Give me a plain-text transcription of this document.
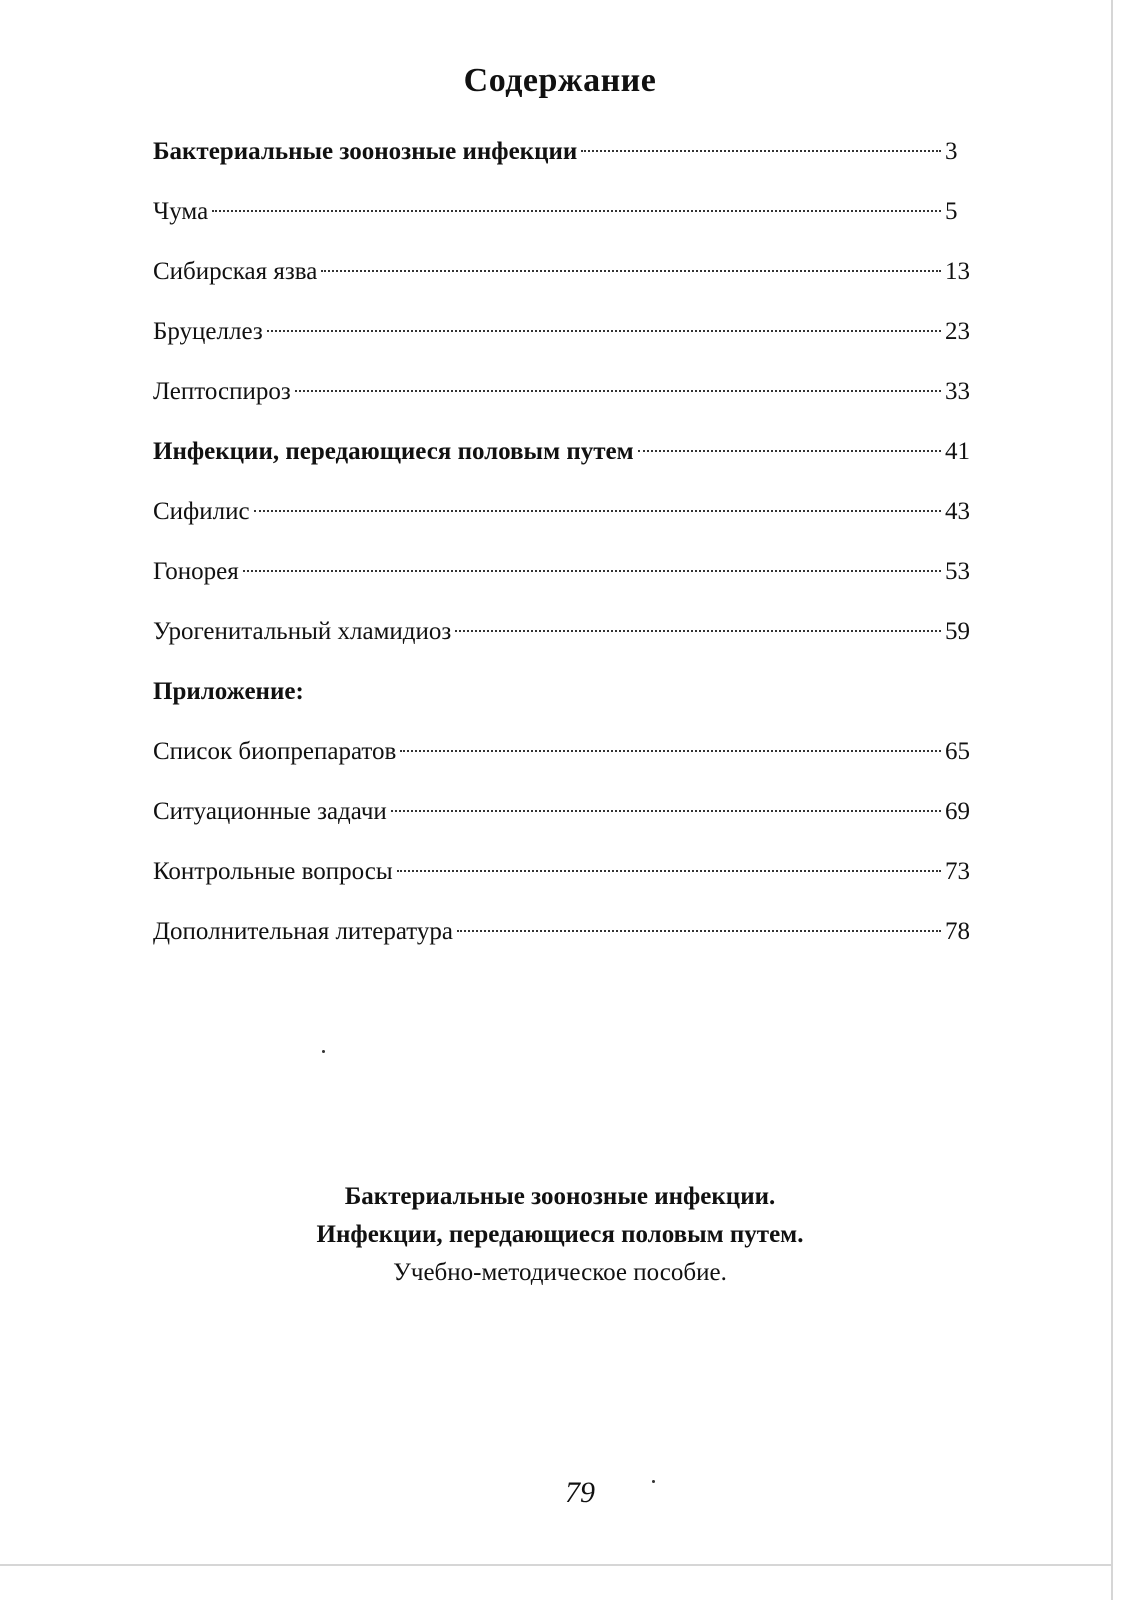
Содержание
Бактериальные зоонозные инфекции	3
Чума	5
Сибирская язва	13
Бруцеллез	23
Лептоспироз	33
Инфекции, передающиеся половым путем	41
Сифилис	43
Гонорея	53
Урогенитальный хламидиоз	59
Приложение:
Список биопрепаратов	65
Ситуационные задачи	69
Контрольные вопросы	73
Дополнительная литература	78
Бактериальные зоонозные инфекции.
Инфекции, передающиеся половым путем.
Учебно-методическое пособие.
79
